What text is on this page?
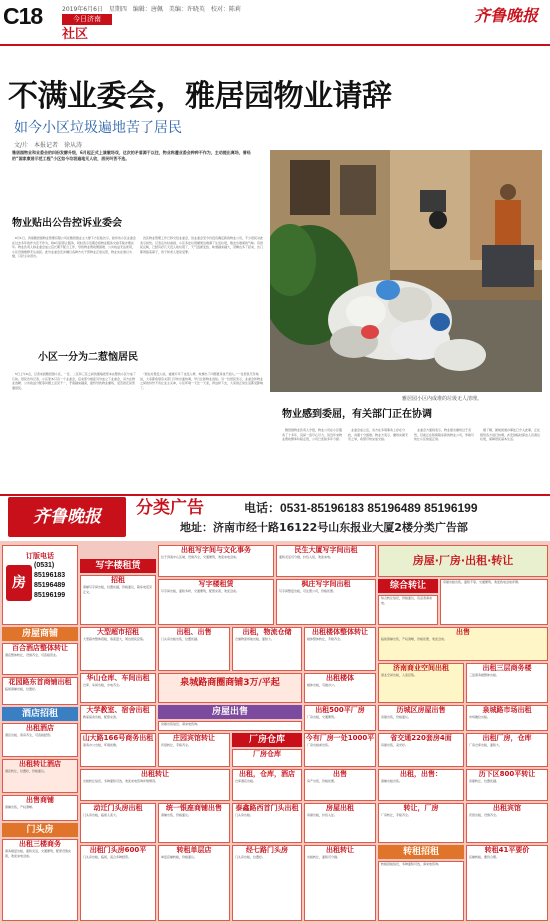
C18	2019年6月6日　星期四　编辑：唐佩　美编：许晓英　校对：陈莉
今日济南
社区
齐鲁晚报
不满业委会，雅居园物业请辞
如今小区垃圾遍地苦了居民
文/片　本报记者　徐从涛
雅居园物业和业委会的纠纷发酵升级，6月起正式上演撤场戏，这次的矛盾源于以往，物业称遭业委会种种不作为，主动提出离场，曾经的“国家康居示范工程”小区如今垃圾遍地无人收，居民叫苦不迭。
物业贴出公告控诉业委会
　6月1日，济南雅居园物业管理有限公司在雅居园业主大厦下方张贴告示，控诉该小区业委会在过去多年的作为及不作为，称6月起停止服务，同时表示近期会将物业服务交接手续办理完毕。物业负责人称业委会成立后长期不配合工作，导致物业费收缴困难、公共收益无法使用，小区设施维修无从谈起。此外业委会还涉嫌以各种方式干预物业正常运营，物业实在难以为继，只好主动退出。
　四区物业管理工作已移交给业委会，但业委会至今仍没有确定新的物业公司，不少居民对此表示担忧。记者走访时看到，小区多处垃圾桶周边堆满了生活垃圾，散发出难闻的气味。有居民反映，已经有好几天没人收垃圾了，天气逐渐变热，味道越来越大，苍蝇也多了起来，出门都得捂着鼻子，孩子和老人更是受罪。
小区一分为二惹恼居民
　5日上午6点，记者来到雅居园小区，一区、二区和三区之间的围墙把原本完整的小区分成了几块。居民告诉记者，小区原本只有一个业委会，后来部分楼座另外成立了业委会，双方在物业选聘、公共收益分配等问题上意见不一，矛盾越来越深，最终导致物业撤场，受苦的还是普通居民。
　“现在垃圾没人收，楼道灯坏了也没人修，电梯出了问题更是找不到人。”一位居民无奈地说，大家都希望有关部门尽快出面协调，早日让新物业进驻。另一位居民表示，业委会和物业之间的纠纷不该让业主买单，小区环境一天比一天差，再这样下去，大家的正常生活都受影响了。
雅居园小区内成堆的垃圾无人清理。
物业感到委屈，有关部门正在协调
　雅居园物业负责人介绍，物业公司在小区服务了十多年，其间一直尽心尽力，但近年来物业费收缴率持续走低，公司已连续多年亏损。
　业委会成立后，双方在多项事务上存在分歧，沟通十分困难。物业方表示，撤场实属无奈之举，希望尽快完成交接。
　业委会方面则表示，物业提出撤场过于突然，目前正在积极联系新的物业公司，争取尽快让小区恢复正常。
　据了解，属地街道办事处已介入此事，正在组织各方进行协调，并安排临时保洁人员清运垃圾，保障居民基本生活。
齐鲁晚报	分类广告	电话：0531-85196183 85196489 85196199
地址：济南市经十路16122号山东报业大厦2楼分类广告部
订版电话
房
(0531)
85196183
85196489
85196199
出租写字间与文化事务
位于济南中心区域，设施齐全，交通便利，欢迎来电洽谈。
民生大厦写字间出租
面积灵活可分割，拎包入驻，欢迎来电。	房屋·厂房·出租·转让
写字楼租赁
招租
商铺写字间出租，位置优越，价格面议，联系电话见正文。
写字楼租赁
写字间出租，面积多样，交通便利，配套完善，欢迎洽谈。
枫庄写字间出租
写字间整层出租，可注册公司，价格优惠。	综合转让
综合转让信息，价格面议，有意者请来电。
房屋出租出售，面积不等，交通便利，欢迎致电洽谈详情。
房屋商铺	大型超市招租
大型超市整体招租，客流量大，周边居民密集。
出租、出售
门头房出租出售，位置优越。
出租，物流仓储
仓储物流场地出租，面积大。
出租楼体整体转让
楼体整体转让，手续齐全。
出售
临街商铺出售，产权清晰，价格优惠，欢迎洽谈。
百合酒店整体转让
酒店整体转让，设施齐全，可直接营业。
华山仓库、车间出租
仓库、车间出租，水电齐全。	泉城路商圈商铺3万/平起	出租楼体
楼体出租，可做办公。
济南商业空间出租
商业空间出租，人流密集。
出租三层商务楼
三层商务楼整体出租。
花园路东首商铺出租
临街商铺出租，位置好。
大学教室、宿舍出租
教室宿舍出租，配套完善。	房屋出售
房屋出售信息，请来电咨询。
出租500平厂房
厂房出租，交通便利。
历城区房屋出售
房屋出售，价格面议。
泉城路市场出租
市场摊位出租。
酒店招租
出租酒店
酒店出租，客房齐全，可直接经营。	山大路166号商务出租
商务办公出租，环境优雅。
庄园宾馆转让
宾馆转让，手续齐全。	厂房仓库
厂房仓库
今有厂房一处1000平
厂房出租或出售。
省交通220套房4面
房屋出售，采光好。
出租厂房，仓库
厂房仓库出租，面积大。
出租转让酒店
酒店转让，位置好，价格面议。	出租转让
出租转让信息，多种面积可选，欢迎来电咨询详细情况。
出租，仓库，酒店
仓库酒店出租。
出售
房产出售，价格优惠。
出租，出售：
商铺出租出售。
历下区800平转让
房屋转让，位置优越。
出售商铺
商铺出售，产权清晰。	动迁门头房出租
门头房出租，临街人流大。
统一银座商铺出售
商铺出售，价格面议。
泰鑫路西首门头出租
门头房出租。
房屋出租
房屋出租，拎包入住。
转让，厂房
厂房转让，手续齐全。
出租宾馆
宾馆出租，设施齐全。
门头房
出租三楼商务
商务楼层出租，面积灵活，交通便利，配套设施完善，欢迎来电洽谈。
出租门头房600平
门头房出租，临街，适合多种经营。
转租单层店
单层店铺转租，价格面议。
经七路门头房
门头房出租，位置好。
出租转让
出租转让，面积可分割。	转租招租
转租招租信息，多种面积可选，请来电咨询。
转租41平要价
店铺转租，要价合理。
